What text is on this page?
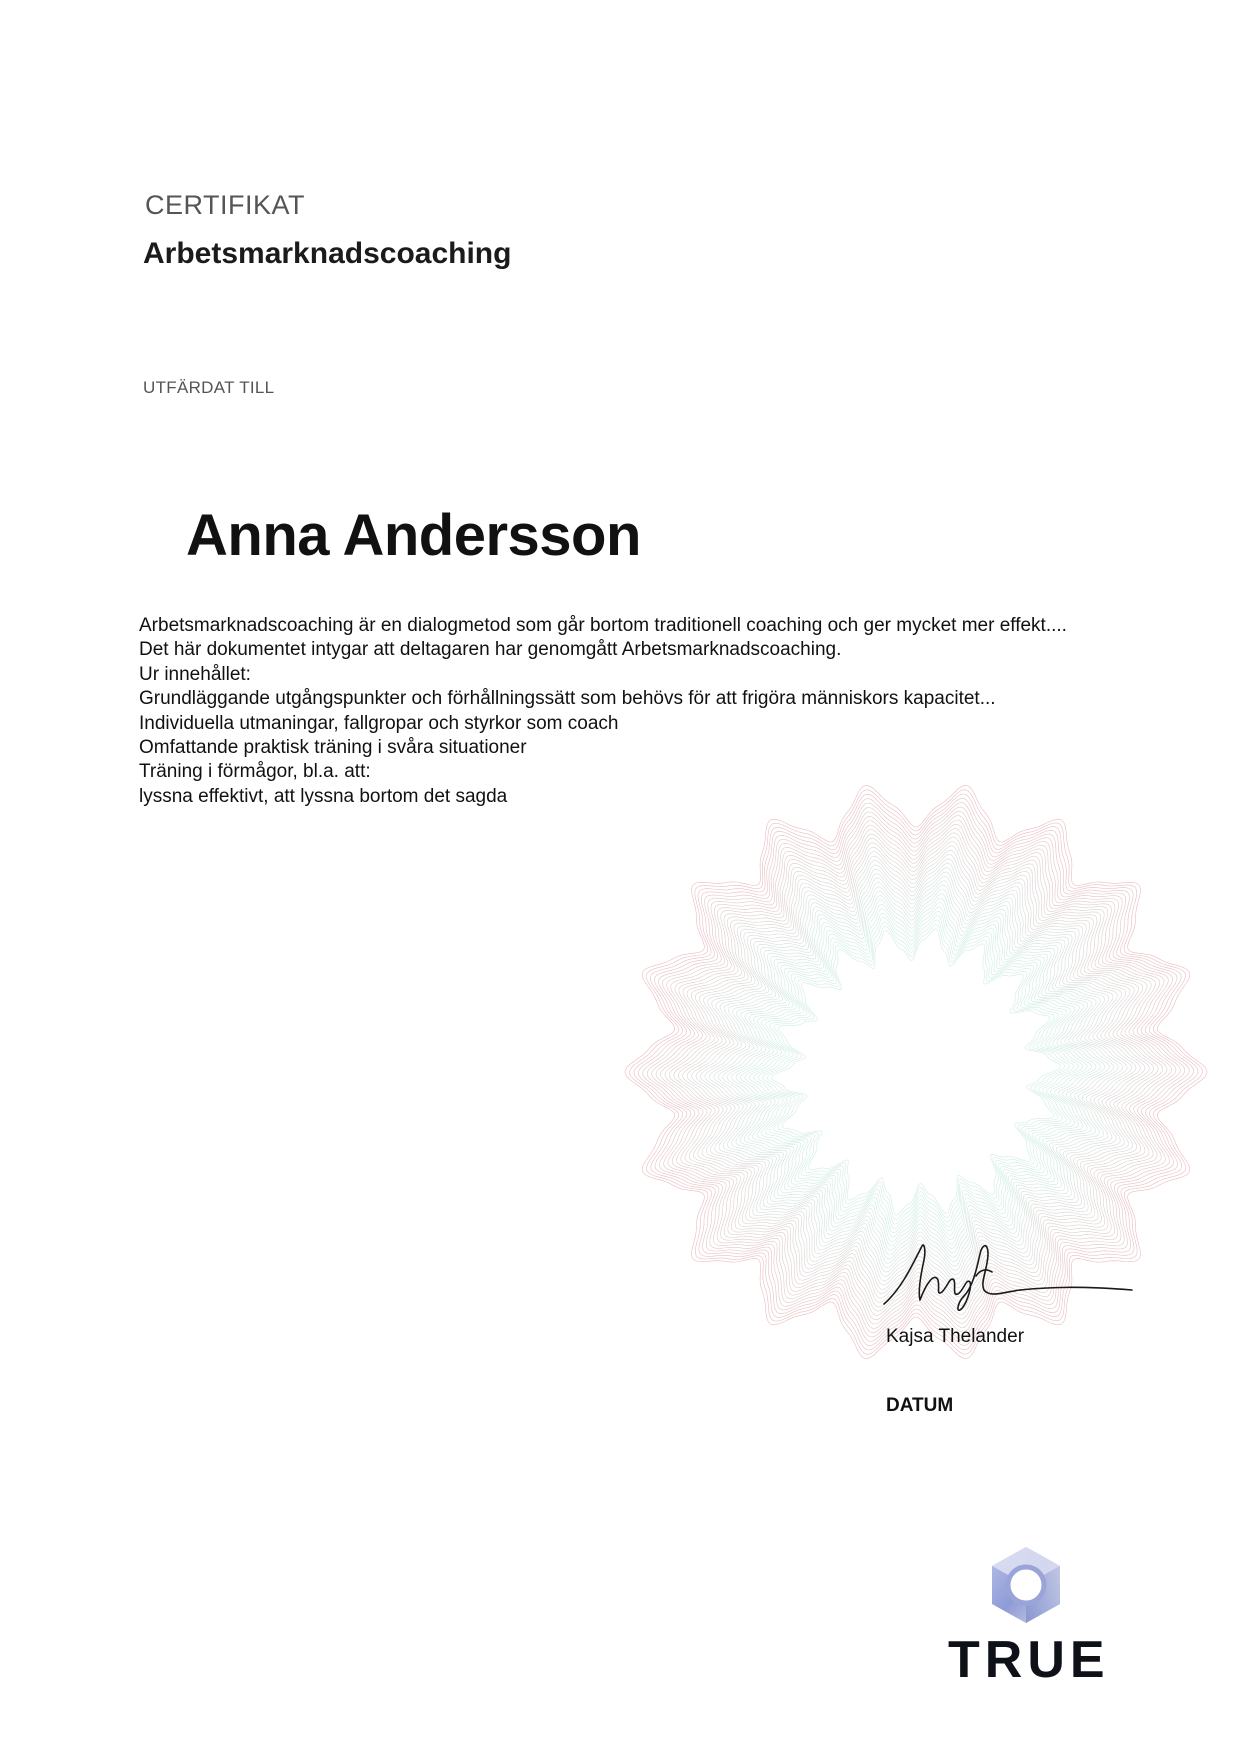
CERTIFIKAT
Arbetsmarknadscoaching
UTFÄRDAT TILL
Anna Andersson

Arbetsmarknadscoaching är en dialogmetod som går bortom traditionell coaching och ger mycket mer effekt....

Det här dokumentet intygar att deltagaren har genomgått Arbetsmarknadscoaching.

Ur innehållet:

Grundläggande utgångspunkter och förhållningssätt som behövs för att frigöra människors kapacitet...

Individuella utmaningar, fallgropar och styrkor som coach

Omfattande praktisk träning i svåra situationer

Träning i förmågor, bl.a. att:

lyssna effektivt, att lyssna bortom det sagda

Kajsa Thelander
DATUM
TRUE
